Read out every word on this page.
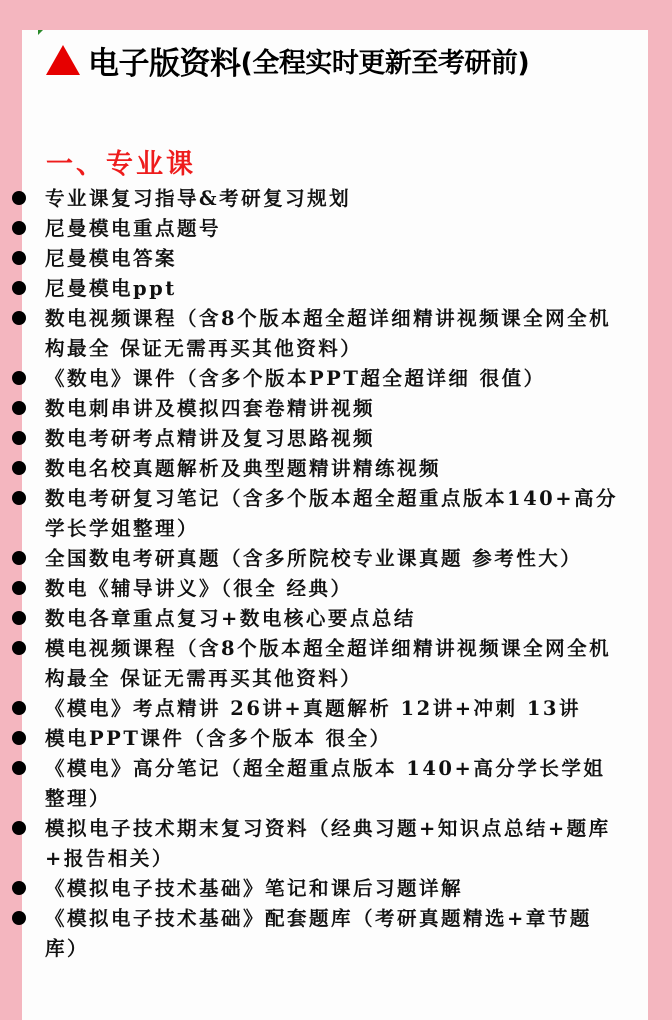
电子版资料 (全程实时更新至考研前)
一、专业课
专业课复习指导&考研复习规划
尼曼模电重点题号
尼曼模电答案
尼曼模电ppt
数电视频课程（含8个版本超全超详细精讲视频课全网全机构最全 保证无需再买其他资料）
《数电》课件（含多个版本PPT超全超详细 很值）
数电刺串讲及模拟四套卷精讲视频
数电考研考点精讲及复习思路视频
数电名校真题解析及典型题精讲精练视频
数电考研复习笔记（含多个版本超全超重点版本140+高分学长学姐整理）
全国数电考研真题（含多所院校专业课真题 参考性大）
数电《辅导讲义》（很全 经典）
数电各章重点复习+数电核心要点总结
模电视频课程（含8个版本超全超详细精讲视频课全网全机构最全 保证无需再买其他资料）
《模电》考点精讲 26讲+真题解析 12讲+冲刺 13讲
模电PPT课件（含多个版本 很全）
《模电》高分笔记（超全超重点版本 140+高分学长学姐整理）
模拟电子技术期末复习资料（经典习题+知识点总结+题库+报告相关）
《模拟电子技术基础》笔记和课后习题详解
《模拟电子技术基础》配套题库（考研真题精选+章节题库）
